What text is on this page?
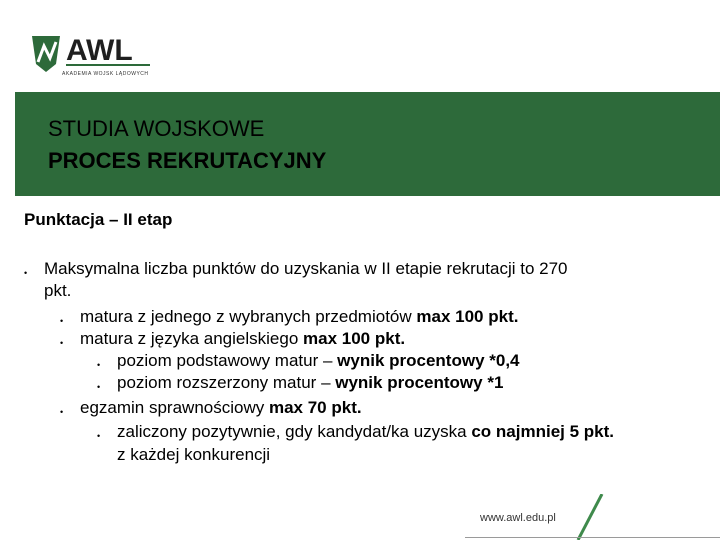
AWL
AKADEMIA WOJSK LĄDOWYCH
STUDIA WOJSKOWE
PROCES REKRUTACYJNY
Punktacja – II etap
• Maksymalna liczba punktów do uzyskania w II etapie rekrutacji to 270
pkt.
• matura z jednego z wybranych przedmiotów max 100 pkt.
• matura z języka angielskiego max 100 pkt.
• poziom podstawowy matur – wynik procentowy *0,4
• poziom rozszerzony matur – wynik procentowy *1
• egzamin sprawnościowy max 70 pkt.
• zaliczony pozytywnie, gdy kandydat/ka uzyska co najmniej 5 pkt.
z każdej konkurencji
www.awl.edu.pl
